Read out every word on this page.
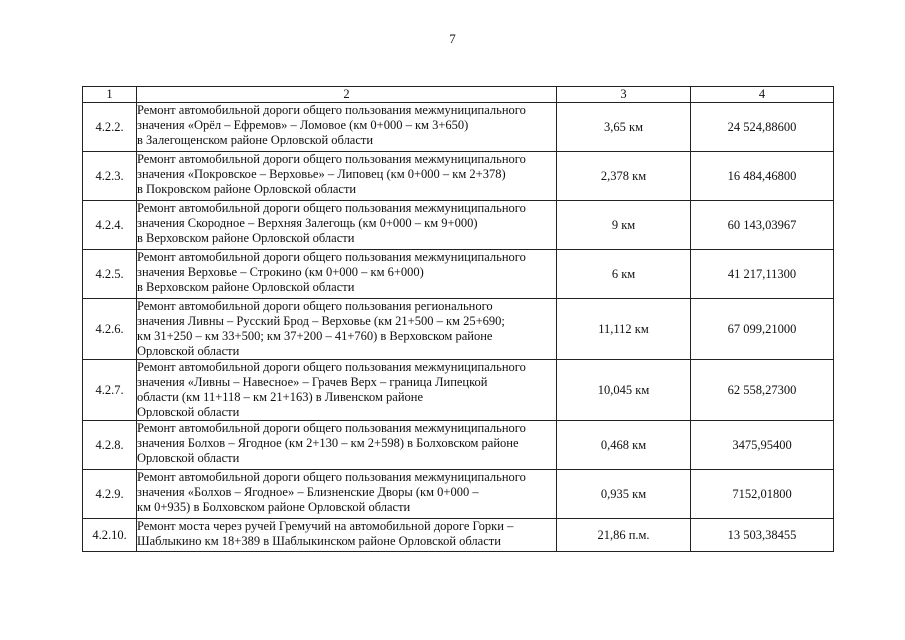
7
1	2	3	4
4.2.2.	Ремонт автомобильной дороги общего пользования межмуниципального
значения «Орёл – Ефремов» – Ломовое (км 0+000 – км 3+650)
в Залегощенском районе Орловской области	3,65 км	24 524,88600
4.2.3.	Ремонт автомобильной дороги общего пользования межмуниципального
значения «Покровское – Верховье» – Липовец (км 0+000 – км 2+378)
в Покровском районе Орловской области	2,378 км	16 484,46800
4.2.4.	Ремонт автомобильной дороги общего пользования межмуниципального
значения Скородное – Верхняя Залегощь (км 0+000 – км 9+000)
в Верховском районе Орловской области	9 км	60 143,03967
4.2.5.	Ремонт автомобильной дороги общего пользования межмуниципального
значения Верховье – Строкино (км 0+000 – км 6+000)
в Верховском районе Орловской области	6 км	41 217,11300
4.2.6.	Ремонт автомобильной дороги общего пользования регионального
значения Ливны – Русский Брод – Верховье (км 21+500 – км 25+690;
км 31+250 – км 33+500; км 37+200 – 41+760) в Верховском районе
Орловской области	11,112 км	67 099,21000
4.2.7.	Ремонт автомобильной дороги общего пользования межмуниципального
значения «Ливны – Навесное» – Грачев Верх – граница Липецкой
области (км 11+118 – км 21+163) в Ливенском районе
Орловской области	10,045 км	62 558,27300
4.2.8.	Ремонт автомобильной дороги общего пользования межмуниципального
значения Болхов – Ягодное (км 2+130 – км 2+598) в Болховском районе
Орловской области	0,468 км	3475,95400
4.2.9.	Ремонт автомобильной дороги общего пользования межмуниципального
значения «Болхов – Ягодное» – Близненские Дворы (км 0+000 –
км 0+935) в Болховском районе Орловской области	0,935 км	7152,01800
4.2.10.	Ремонт моста через ручей Гремучий на автомобильной дороге Горки –
Шаблыкино км 18+389 в Шаблыкинском районе Орловской области	21,86 п.м.	13 503,38455
